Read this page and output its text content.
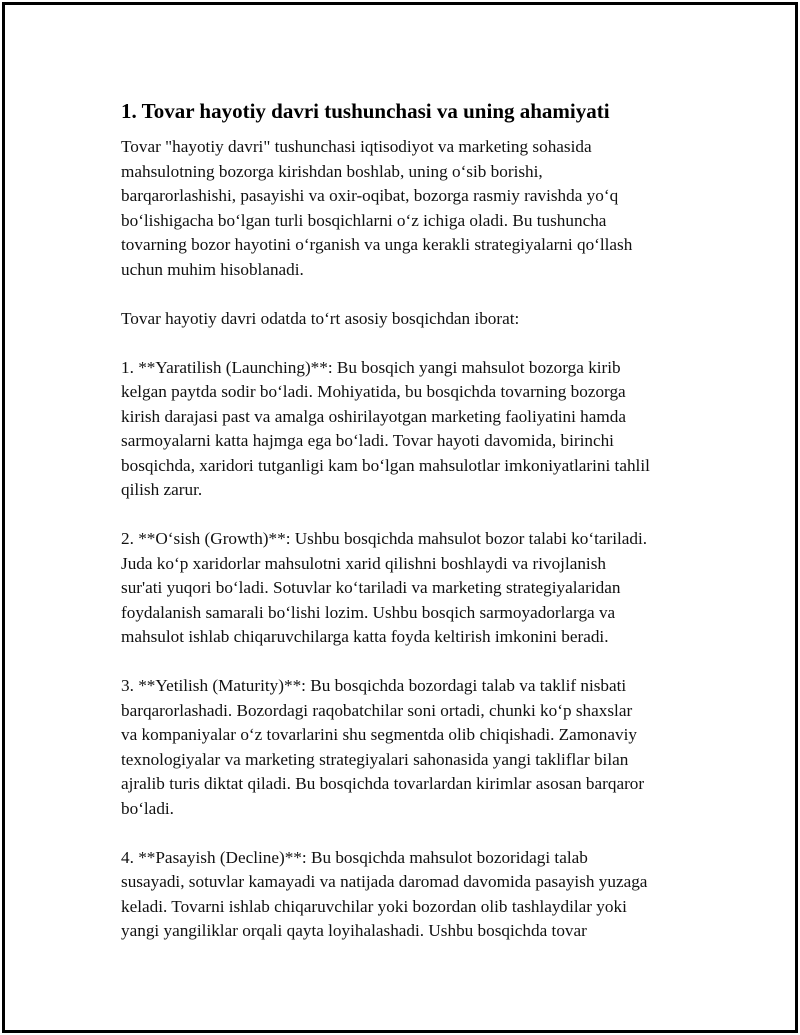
1. Tovar hayotiy davri tushunchasi va uning ahamiyati

Tovar "hayotiy davri" tushunchasi iqtisodiyot va marketing sohasida
mahsulotning bozorga kirishdan boshlab, uning o‘sib borishi,
barqarorlashishi, pasayishi va oxir-oqibat, bozorga rasmiy ravishda yo‘q
bo‘lishigacha bo‘lgan turli bosqichlarni o‘z ichiga oladi. Bu tushuncha
tovarning bozor hayotini o‘rganish va unga kerakli strategiyalarni qo‘llash
uchun muhim hisoblanadi.

Tovar hayotiy davri odatda to‘rt asosiy bosqichdan iborat:

1. **Yaratilish (Launching)**: Bu bosqich yangi mahsulot bozorga kirib
kelgan paytda sodir bo‘ladi. Mohiyatida, bu bosqichda tovarning bozorga
kirish darajasi past va amalga oshirilayotgan marketing faoliyatini hamda
sarmoyalarni katta hajmga ega bo‘ladi. Tovar hayoti davomida, birinchi
bosqichda, xaridori tutganligi kam bo‘lgan mahsulotlar imkoniyatlarini tahlil
qilish zarur.

2. **O‘sish (Growth)**: Ushbu bosqichda mahsulot bozor talabi ko‘tariladi.
Juda ko‘p xaridorlar mahsulotni xarid qilishni boshlaydi va rivojlanish
sur'ati yuqori bo‘ladi. Sotuvlar ko‘tariladi va marketing strategiyalaridan
foydalanish samarali bo‘lishi lozim. Ushbu bosqich sarmoyadorlarga va
mahsulot ishlab chiqaruvchilarga katta foyda keltirish imkonini beradi.

3. **Yetilish (Maturity)**: Bu bosqichda bozordagi talab va taklif nisbati
barqarorlashadi. Bozordagi raqobatchilar soni ortadi, chunki ko‘p shaxslar
va kompaniyalar o‘z tovarlarini shu segmentda olib chiqishadi. Zamonaviy
texnologiyalar va marketing strategiyalari sahonasida yangi takliflar bilan
ajralib turis diktat qiladi. Bu bosqichda tovarlardan kirimlar asosan barqaror
bo‘ladi.

4. **Pasayish (Decline)**: Bu bosqichda mahsulot bozoridagi talab
susayadi, sotuvlar kamayadi va natijada daromad davomida pasayish yuzaga
keladi. Tovarni ishlab chiqaruvchilar yoki bozordan olib tashlaydilar yoki
yangi yangiliklar orqali qayta loyihalashadi. Ushbu bosqichda tovar
